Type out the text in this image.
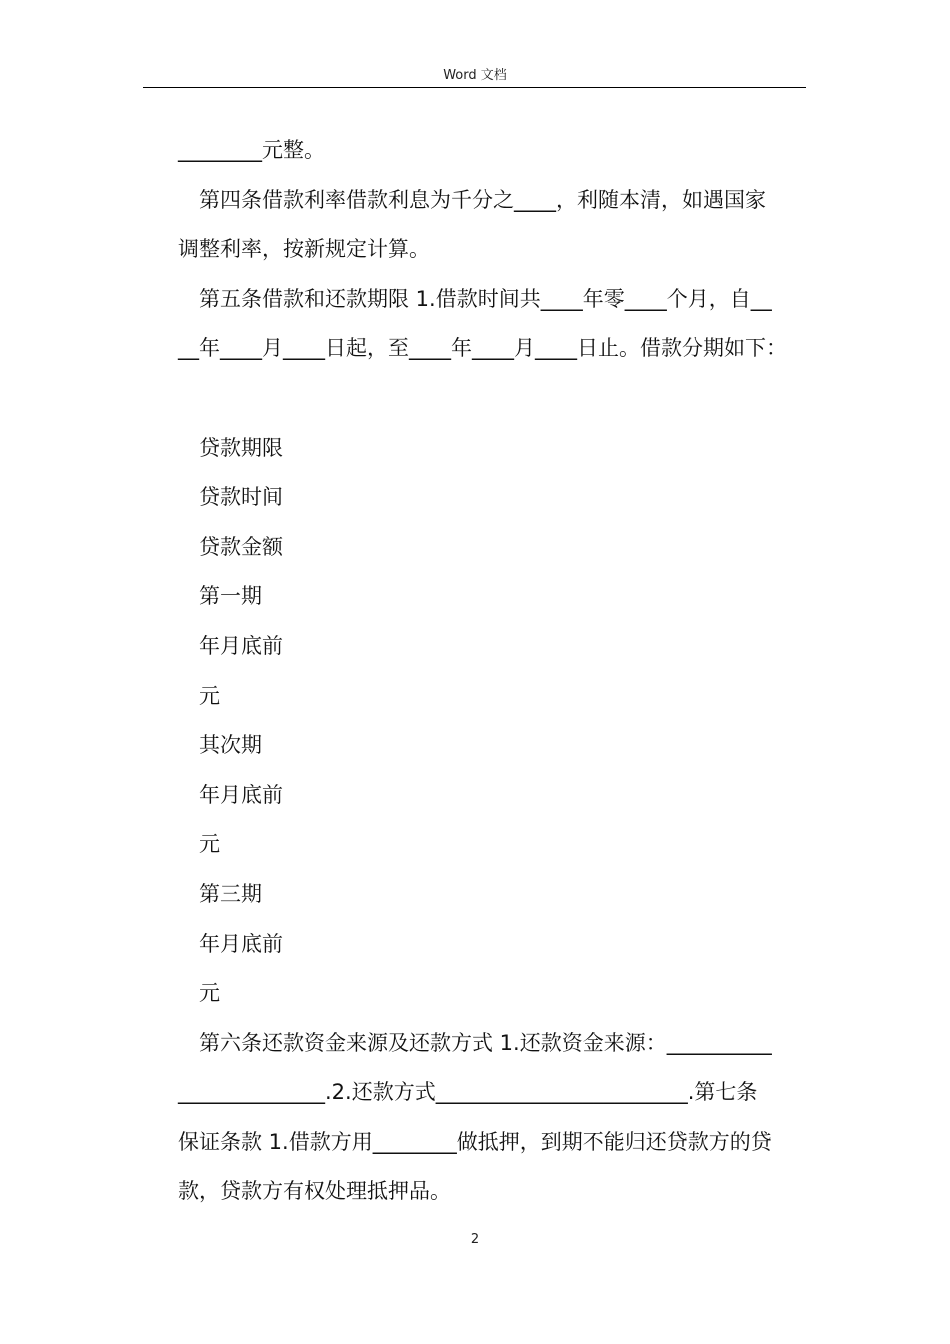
Word 文档

________元整。

第四条借款利率借款利息为千分之____，利随本清，如遇国家

调整利率，按新规定计算。

第五条借款和还款期限 1.借款时间共____年零____个月，自__

__年____月____日起，至____年____月____日止。借款分期如下：

贷款期限

贷款时间

贷款金额

第一期

年月底前

元

其次期

年月底前

元

第三期

年月底前

元

第六条还款资金来源及还款方式 1.还款资金来源：__________

______________.2.还款方式________________________.第七条

保证条款 1.借款方用________做抵押，到期不能归还贷款方的贷

款，贷款方有权处理抵押品。

2
